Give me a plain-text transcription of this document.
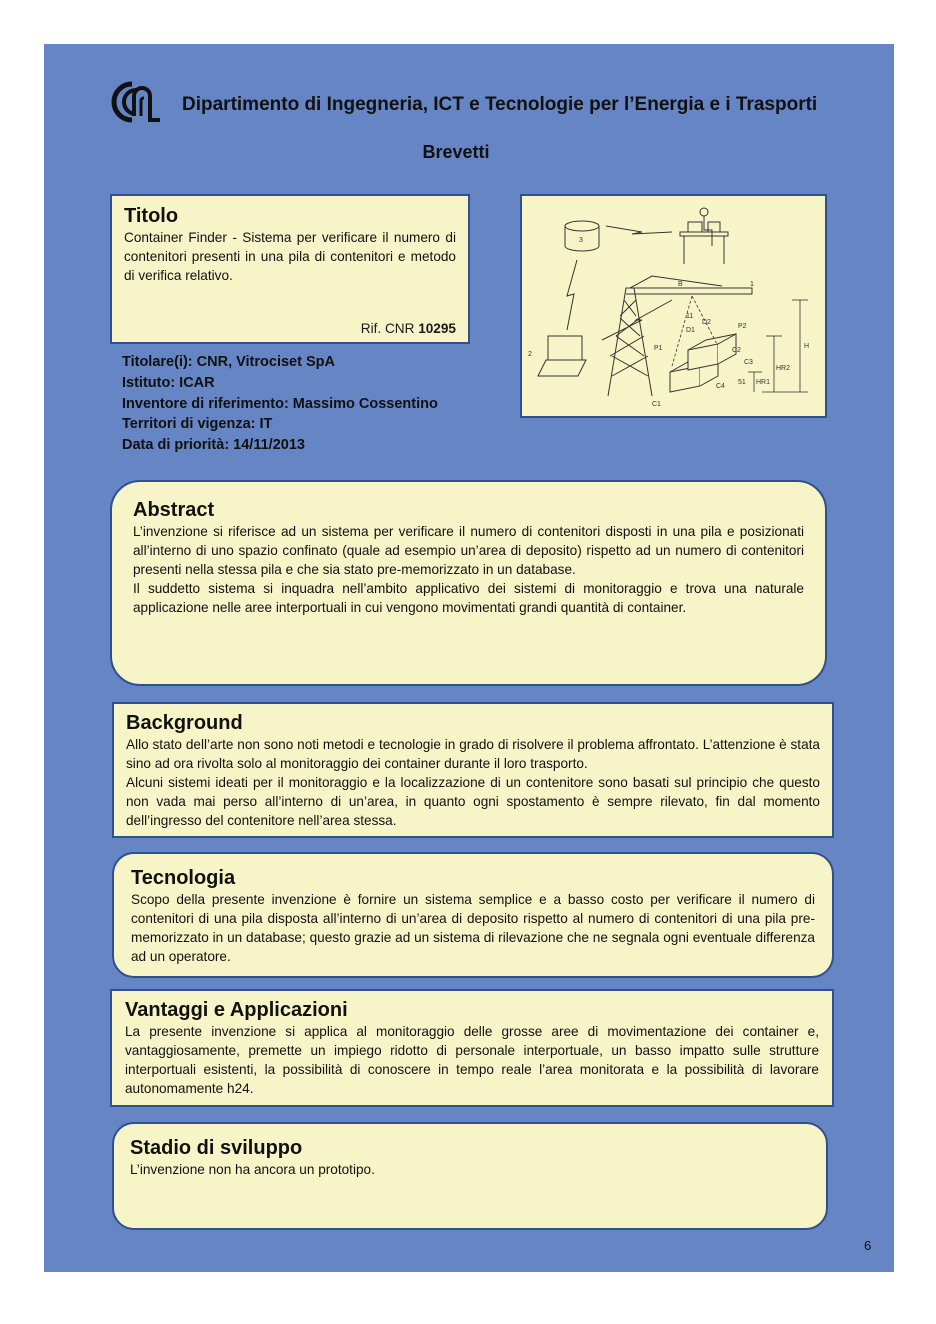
Dipartimento di Ingegneria, ICT e Tecnologie per l’Energia e i Trasporti
Brevetti
Titolo

Container Finder - Sistema per verificare il numero di contenitori presenti in una pila di contenitori e metodo di verifica relativo.

Rif. CNR 10295
3
2
B	1
11
D1
D2
P1
P2
C2
C3
C4
C1
51
H
HR2
HR1
Titolare(i): CNR, Vitrociset SpA
Istituto: ICAR
Inventore di riferimento: Massimo Cossentino
Territori di vigenza: IT
Data di priorità: 14/11/2013
Abstract

L’invenzione si riferisce ad un sistema per verificare il numero di contenitori disposti in una pila e posizionati all’interno di uno spazio confinato (quale ad esempio un’area di deposito) rispetto ad un numero di contenitori presenti nella stessa pila e che sia stato pre-memorizzato in un database.

Il suddetto sistema si inquadra nell’ambito applicativo dei sistemi di monitoraggio e trova una naturale applicazione nelle aree interportuali in cui vengono movimentati grandi quantità di container.

Background

Allo stato dell’arte non sono noti metodi e tecnologie in grado di risolvere il problema affrontato. L’attenzione è stata sino ad ora rivolta solo al monitoraggio dei container durante il loro trasporto.

Alcuni sistemi ideati per il monitoraggio e la localizzazione di un contenitore sono basati sul principio che questo non vada mai perso all’interno di un’area, in quanto ogni spostamento è sempre rilevato, fin dal momento dell’ingresso del contenitore nell’area stessa.

Tecnologia

Scopo della presente invenzione è fornire un sistema semplice e a basso costo per verificare il numero di contenitori di una pila disposta all’interno di un’area di deposito rispetto al numero di contenitori di una pila pre-memorizzato in un database; questo grazie ad un sistema di rilevazione che ne segnala ogni eventuale differenza ad un operatore.

Vantaggi e Applicazioni

La presente invenzione si applica al monitoraggio delle grosse aree di movimentazione dei container e, vantaggiosamente, premette un impiego ridotto di personale interportuale, un basso impatto sulle strutture interportuali esistenti, la possibilità di conoscere in tempo reale l’area monitorata e la possibilità di lavorare autonomamente h24.

Stadio di sviluppo

L’invenzione non ha ancora un prototipo.

6
